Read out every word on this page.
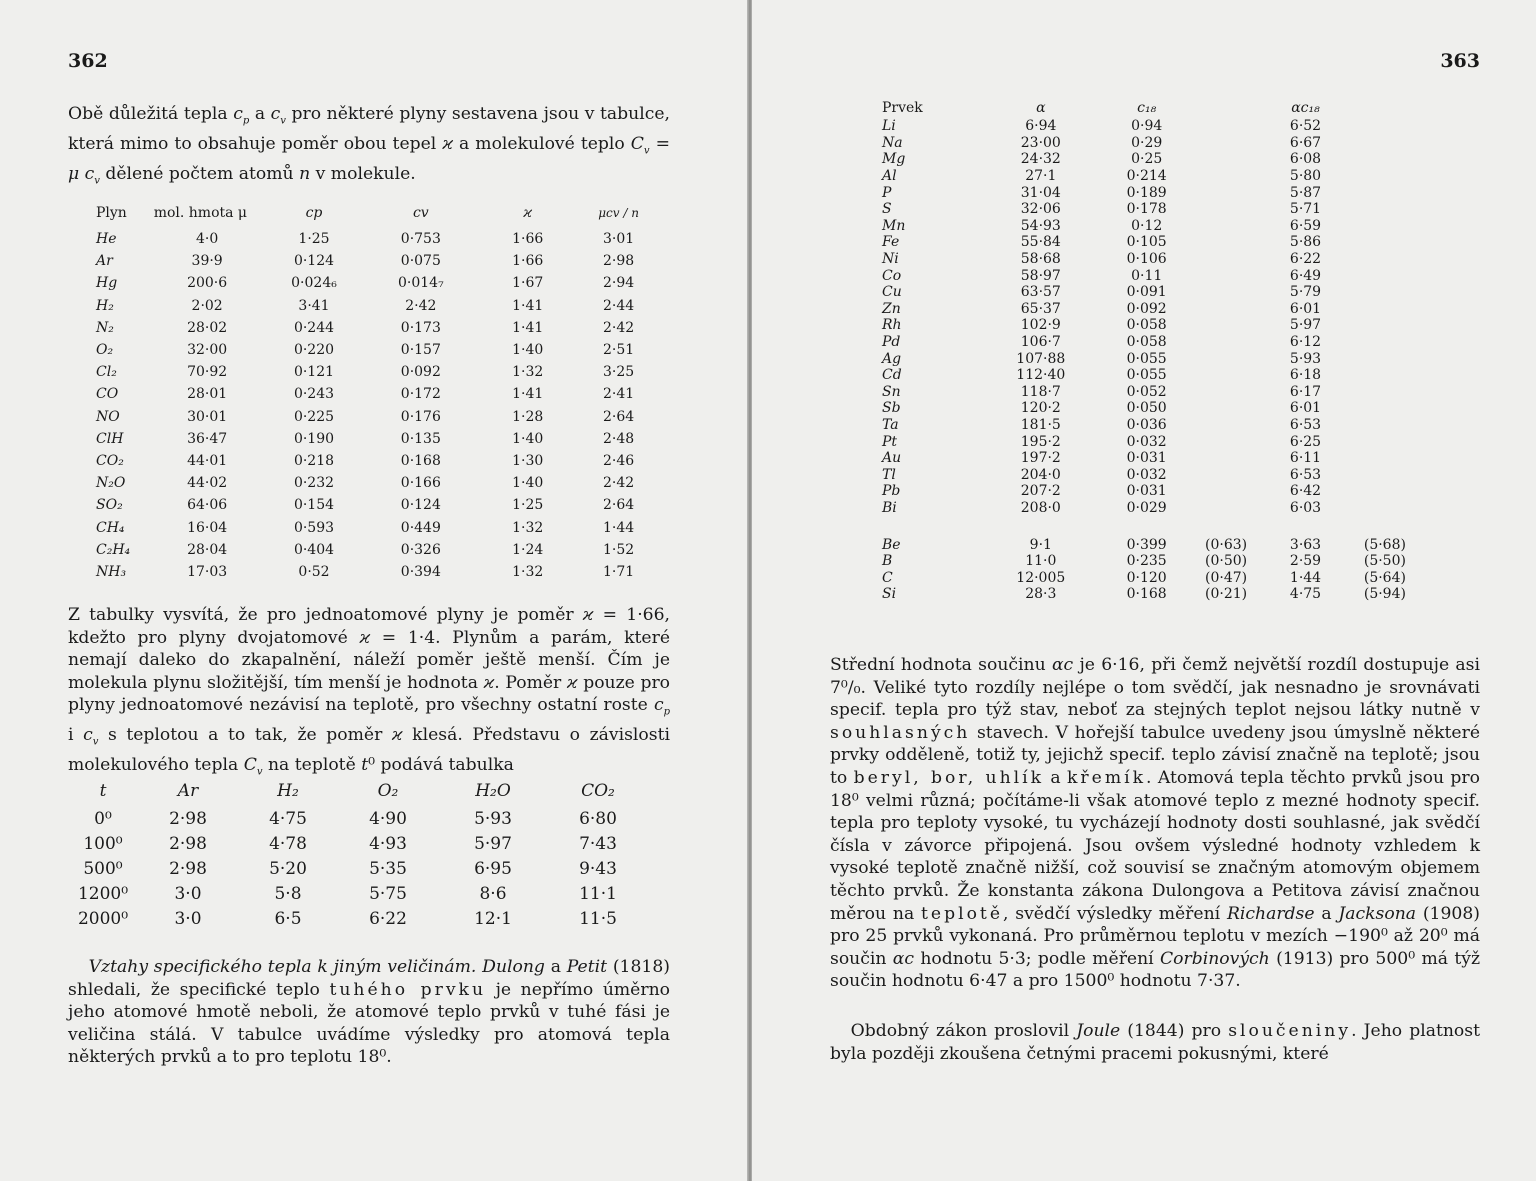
362
Obě důležitá tepla $c_p$ a $c_v$ pro některé plyny sestavena jsou v tabulce, která mimo to obsahuje poměr obou tepel ϰ a molekulové teplo $C_v = \mu$ $c_v$ dělené počtem atomů n v molekule.
Plyn	mol. hmota μ	cp	cv	ϰ	μcv / n
He	4·0	1·25	0·753	1·66	3·01
Ar	39·9	0·124	0·075	1·66	2·98
Hg	200·6	0·024₆	0·014₇	1·67	2·94
H₂	2·02	3·41	2·42	1·41	2·44
N₂	28·02	0·244	0·173	1·41	2·42
O₂	32·00	0·220	0·157	1·40	2·51
Cl₂	70·92	0·121	0·092	1·32	3·25
CO	28·01	0·243	0·172	1·41	2·41
NO	30·01	0·225	0·176	1·28	2·64
ClH	36·47	0·190	0·135	1·40	2·48
CO₂	44·01	0·218	0·168	1·30	2·46
N₂O	44·02	0·232	0·166	1·40	2·42
SO₂	64·06	0·154	0·124	1·25	2·64
CH₄	16·04	0·593	0·449	1·32	1·44
C₂H₄	28·04	0·404	0·326	1·24	1·52
NH₃	17·03	0·52	0·394	1·32	1·71
Z tabulky vysvítá, že pro jednoatomové plyny je poměr ϰ = 1·66, kdežto pro plyny dvojatomové ϰ = 1·4. Plynům a parám, které nemají daleko do zkapalnění, náleží poměr ještě menší. Čím je molekula plynu složitější, tím menší je hodnota ϰ. Poměr ϰ pouze pro plyny jednoatomové nezávisí na teplotě, pro všechny ostatní roste $c_p$ i $c_v$ s teplotou a to tak, že poměr ϰ klesá. Představu o závislosti molekulového tepla $C_v$ na teplotě t⁰ podává tabulka
t	Ar	H₂	O₂	H₂O	CO₂
0⁰	2·98	4·75	4·90	5·93	6·80
100⁰	2·98	4·78	4·93	5·97	7·43
500⁰	2·98	5·20	5·35	6·95	9·43
1200⁰	3·0	5·8	5·75	8·6	11·1
2000⁰	3·0	6·5	6·22	12·1	11·5
Vztahy specifického tepla k jiným veličinám. Dulong a Petit (1818) shledali, že specifické teplo tuhého prvku je nepřímo úměrno jeho atomové hmotě neboli, že atomové teplo prvků v tuhé fási je veličina stálá. V tabulce uvádíme výsledky pro atomová tepla některých prvků a to pro teplotu 18⁰.
363
Prvek	α	c₁₈		αc₁₈	
Li	6·94	0·94		6·52	
Na	23·00	0·29		6·67	
Mg	24·32	0·25		6·08	
Al	27·1	0·214		5·80	
P	31·04	0·189		5·87	
S	32·06	0·178		5·71	
Mn	54·93	0·12		6·59	
Fe	55·84	0·105		5·86	
Ni	58·68	0·106		6·22	
Co	58·97	0·11		6·49	
Cu	63·57	0·091		5·79	
Zn	65·37	0·092		6·01	
Rh	102·9	0·058		5·97	
Pd	106·7	0·058		6·12	
Ag	107·88	0·055		5·93	
Cd	112·40	0·055		6·18	
Sn	118·7	0·052		6·17	
Sb	120·2	0·050		6·01	
Ta	181·5	0·036		6·53	
Pt	195·2	0·032		6·25	
Au	197·2	0·031		6·11	
Tl	204·0	0·032		6·53	
Pb	207·2	0·031		6·42	
Bi	208·0	0·029		6·03	

Be	9·1	0·399	(0·63)	3·63	(5·68)
B	11·0	0·235	(0·50)	2·59	(5·50)
C	12·005	0·120	(0·47)	1·44	(5·64)
Si	28·3	0·168	(0·21)	4·75	(5·94)
Střední hodnota součinu αc je 6·16, při čemž největší rozdíl dostupuje asi 7⁰/₀. Veliké tyto rozdíly nejlépe o tom svědčí, jak nesnadno je srovnávati specif. tepla pro týž stav, neboť za stejných teplot nejsou látky nutně v souhlasných stavech. V hořejší tabulce uvedeny jsou úmyslně některé prvky odděleně, totiž ty, jejichž specif. teplo závisí značně na teplotě; jsou to beryl, bor, uhlík a křemík. Atomová tepla těchto prvků jsou pro 18⁰ velmi různá; počítáme-li však atomové teplo z mezné hodnoty specif. tepla pro teploty vysoké, tu vycházejí hodnoty dosti souhlasné, jak svědčí čísla v závorce připojená. Jsou ovšem výsledné hodnoty vzhledem k vysoké teplotě značně nižší, což souvisí se značným atomovým objemem těchto prvků. Že konstanta zákona Dulongova a Petitova závisí značnou měrou na teplotě, svědčí výsledky měření Richardse a Jacksona (1908) pro 25 prvků vykonaná. Pro průměrnou teplotu v mezích −190⁰ až 20⁰ má součin αc hodnotu 5·3; podle měření Corbinových (1913) pro 500⁰ má týž součin hodnotu 6·47 a pro 1500⁰ hodnotu 7·37.
Obdobný zákon proslovil Joule (1844) pro sloučeniny. Jeho platnost byla později zkoušena četnými pracemi pokusnými, které
